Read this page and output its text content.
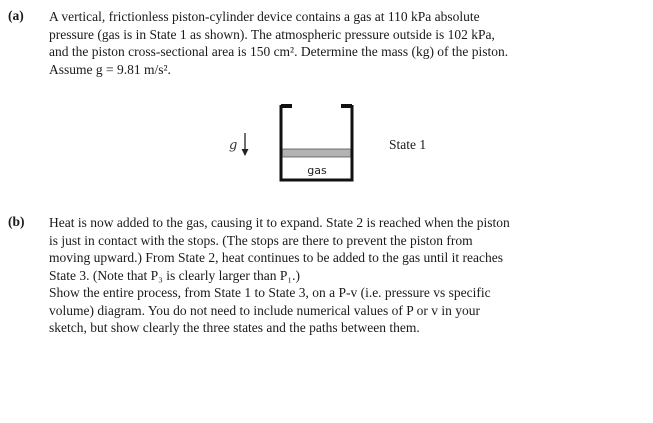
(a) A vertical, frictionless piston-cylinder device contains a gas at 110 kPa absolute
pressure (gas is in State 1 as shown). The atmospheric pressure outside is 102 kPa,
and the piston cross-sectional area is 150 cm². Determine the mass (kg) of the piston.
Assume g = 9.81 m/s².
g
gas
State 1
(b) Heat is now added to the gas, causing it to expand. State 2 is reached when the piston
is just in contact with the stops. (The stops are there to prevent the piston from
moving upward.) From State 2, heat continues to be added to the gas until it reaches
State 3. (Note that P₃ is clearly larger than P₁.)
Show the entire process, from State 1 to State 3, on a P-v (i.e. pressure vs specific
volume) diagram. You do not need to include numerical values of P or v in your
sketch, but show clearly the three states and the paths between them.
